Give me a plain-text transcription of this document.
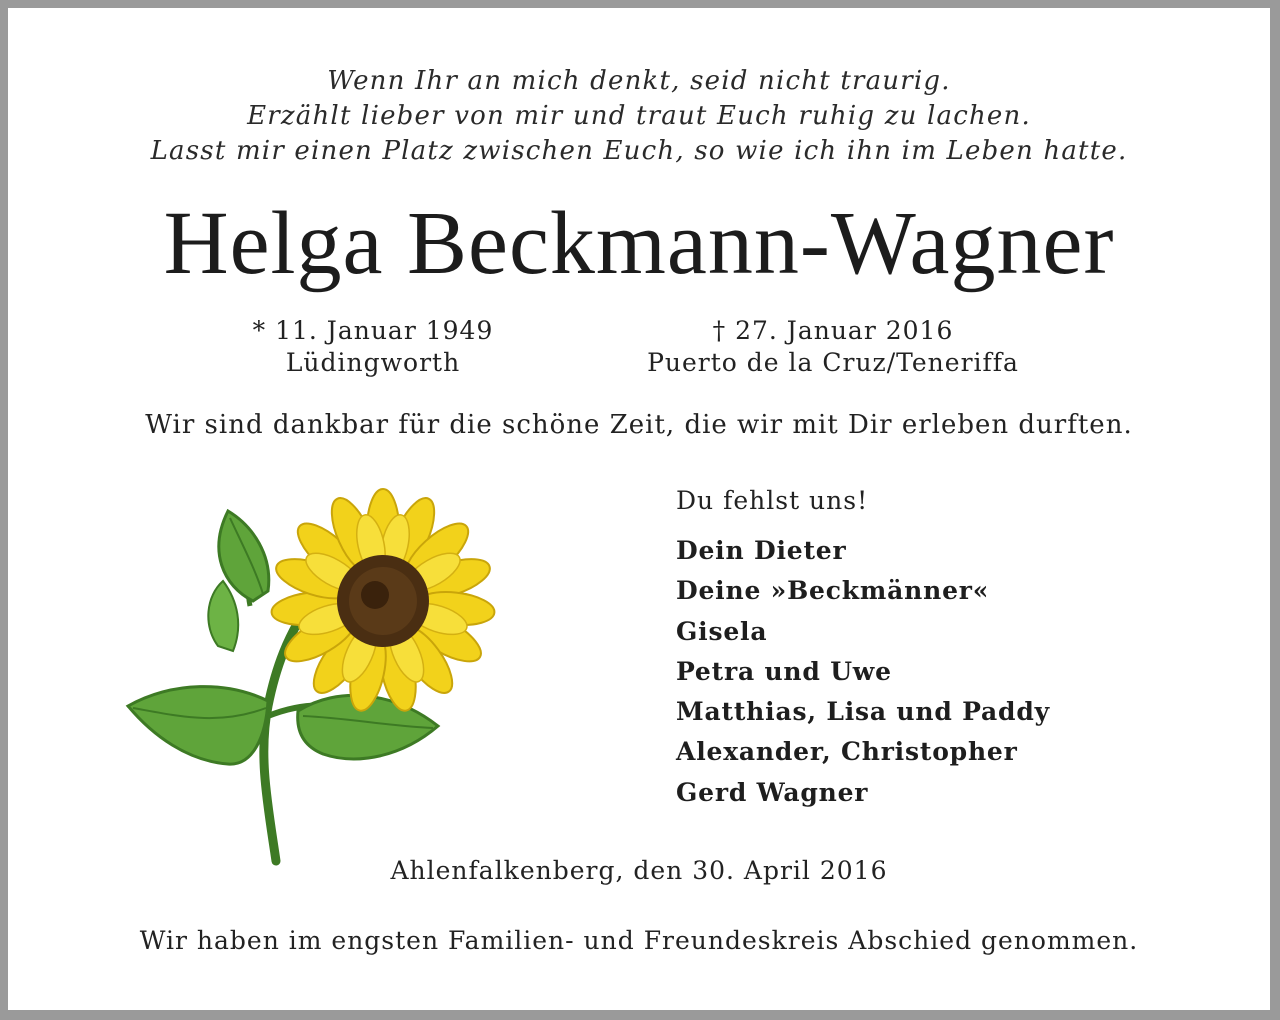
Wenn Ihr an mich denkt, seid nicht traurig.
Erzählt lieber von mir und traut Euch ruhig zu lachen.
Lasst mir einen Platz zwischen Euch, so wie ich ihn im Leben hatte.
Helga Beckmann-Wagner
* 11. Januar 1949
Lüdingworth
† 27. Januar 2016
Puerto de la Cruz/Teneriffa
Wir sind dankbar für die schöne Zeit, die wir mit Dir erleben durften.
Du fehlst uns!
Dein Dieter
Deine »Beckmänner«
Gisela
Petra und Uwe
Matthias, Lisa und Paddy
Alexander, Christopher
Gerd Wagner
Ahlenfalkenberg, den 30. April 2016
Wir haben im engsten Familien- und Freundeskreis Abschied genommen.
